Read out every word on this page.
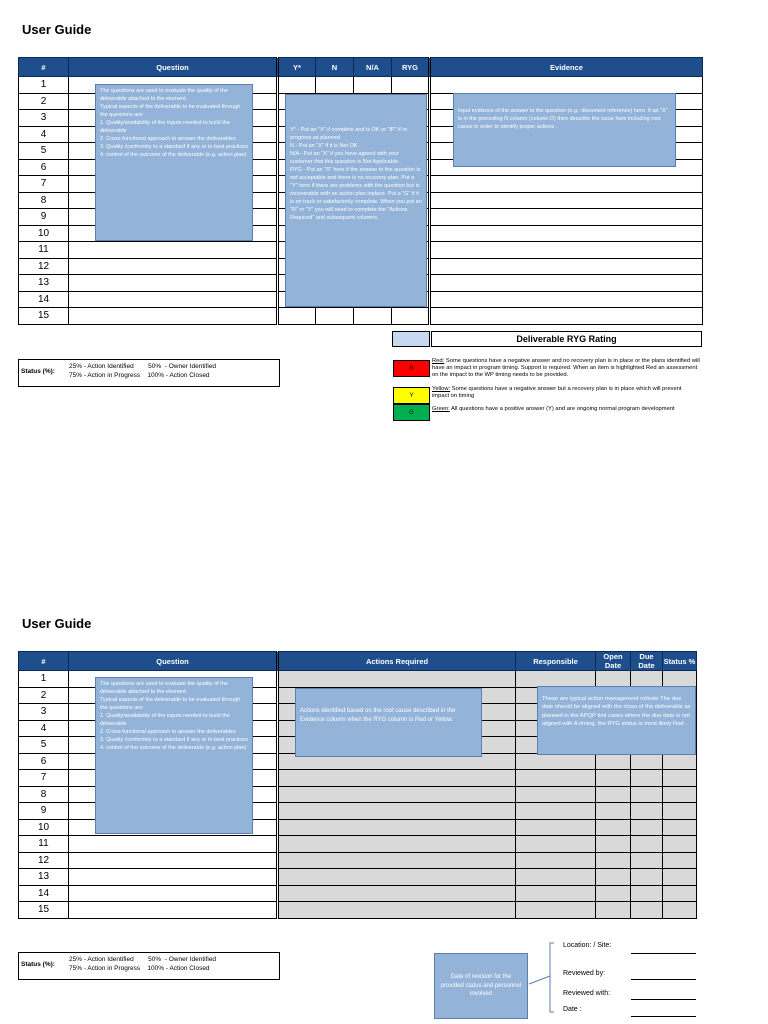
User Guide
#	Question	Y*	N	N/A	RYG	Evidence
1						
2						
3						
4						
5						
6						
7						
8						
9						
10						
11						
12						
13						
14						
15						
Deliverable RYG Rating
The questions are used to evaluate the quality of the deliverable attached to the element.
Typical aspects of the deliverable to be evaluated through the questions are:
1. Quality/availability of the inputs needed to build the deliverable
2. Cross-functional approach to answer the deliverables
3. Quality /conformity to a standard if any or to best practices
4. control of the outcome of the deliverable (e.g. action plan)
Y* - Put an "X" if complete and is OK or "IP" if in-progress as planned.
N - Put an "X" if it is Not OK .
N/A - Put an "X" if you have agreed with your customer that this question is Not Applicable.
RYG - Put an "R" here if the answer to the question is not acceptable and there is no recovery plan. Put a "Y" here if there are problems with the question but is recoverable with an action plan inplace. Put a "G" if it is on track or satisfactorily complete. When you put an "R" or "Y" you will need to complete the "Actions Required" and subsequent columns.
Input evidence of the answer to the question (e.g.: document reference) here. If an "X" is in the preceding N column (column D) then describe the issue here including root cause in order to identify proper actions .
Status (%):
25% - Action Identified        50%  - Owner Identified
75% - Action in Progress    100% - Action Closed
R
Y
G
Red: Some questions have a negative answer and no recovery plan is in place or the plans identified will have an impact in program timing. Support is required. When an item is highlighted Red an assessment on the impact to the WP timing needs to be provided.
Yellow: Some questions have a negative answer but a recovery plan is in place which will prevent impact on timing
Green: All questions have a positive answer (Y) and are ongoing normal program development
User Guide
#	Question	Actions Required	Responsible	Open Date	Due Date	Status %
1						
2						
3						
4						
5						
6						
7						
8						
9						
10						
11						
12						
13						
14						
15						
The questions are used to evaluate the quality of the deliverable attached to the element.
Typical aspects of the deliverable to be evaluated through the questions are:
1. Quality/availability of the inputs needed to build the deliverable
2. Cross-functional approach to answer the deliverables
3. Quality /conformity to a standard if any or to best practices
4. control of the outcome of the deliverable (e.g. action plan)
Actions identified based on the root cause described in the Evidence column when the RYG column is Red or Yellow.
These are typical action management milesto The due date should be aligned with the closu of the deliverable as planned in the APQP timi cases where the due date is not aligned with A timing, the RYG status is most likely Red .
Status (%):
25% - Action Identified        50%  - Owner Identified
75% - Action in Progress    100% - Action Closed
Date of revision for the provided status and personnel involved
Location: / Site:
Reviewed by:
Reviewed with:
Date :
